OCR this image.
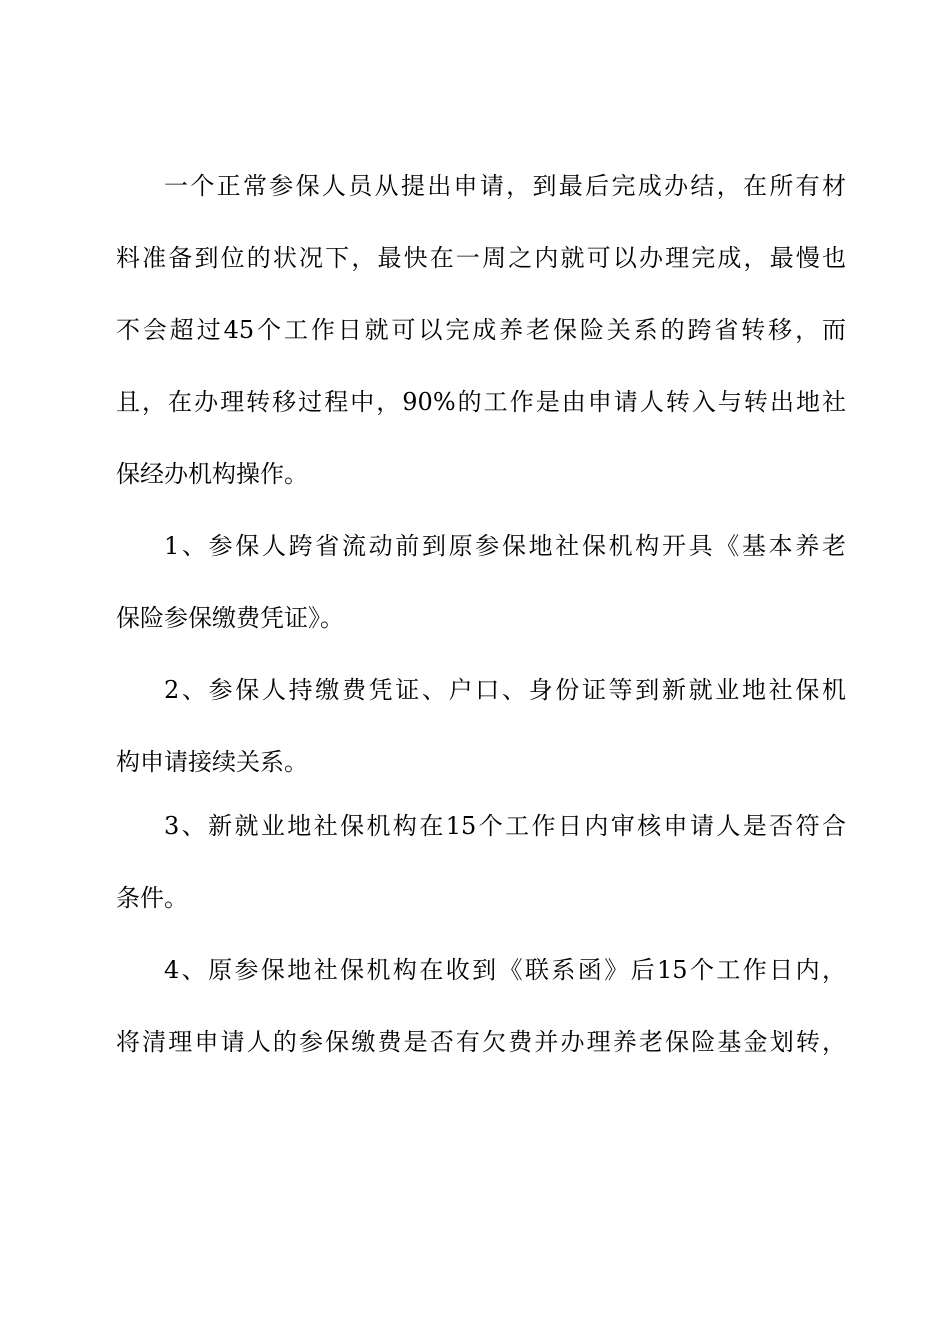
一个正常参保人员从提出申请，到最后完成办结，在所有材
料准备到位的状况下，最快在一周之内就可以办理完成，最慢也
不会超过45个工作日就可以完成养老保险关系的跨省转移，而
且，在办理转移过程中，90%的工作是由申请人转入与转出地社
保经办机构操作。
1、参保人跨省流动前到原参保地社保机构开具《基本养老
保险参保缴费凭证》。
2、参保人持缴费凭证、户口、身份证等到新就业地社保机
构申请接续关系。
3、新就业地社保机构在15个工作日内审核申请人是否符合
条件。
4、原参保地社保机构在收到《联系函》后15个工作日内，
将清理申请人的参保缴费是否有欠费并办理养老保险基金划转，
